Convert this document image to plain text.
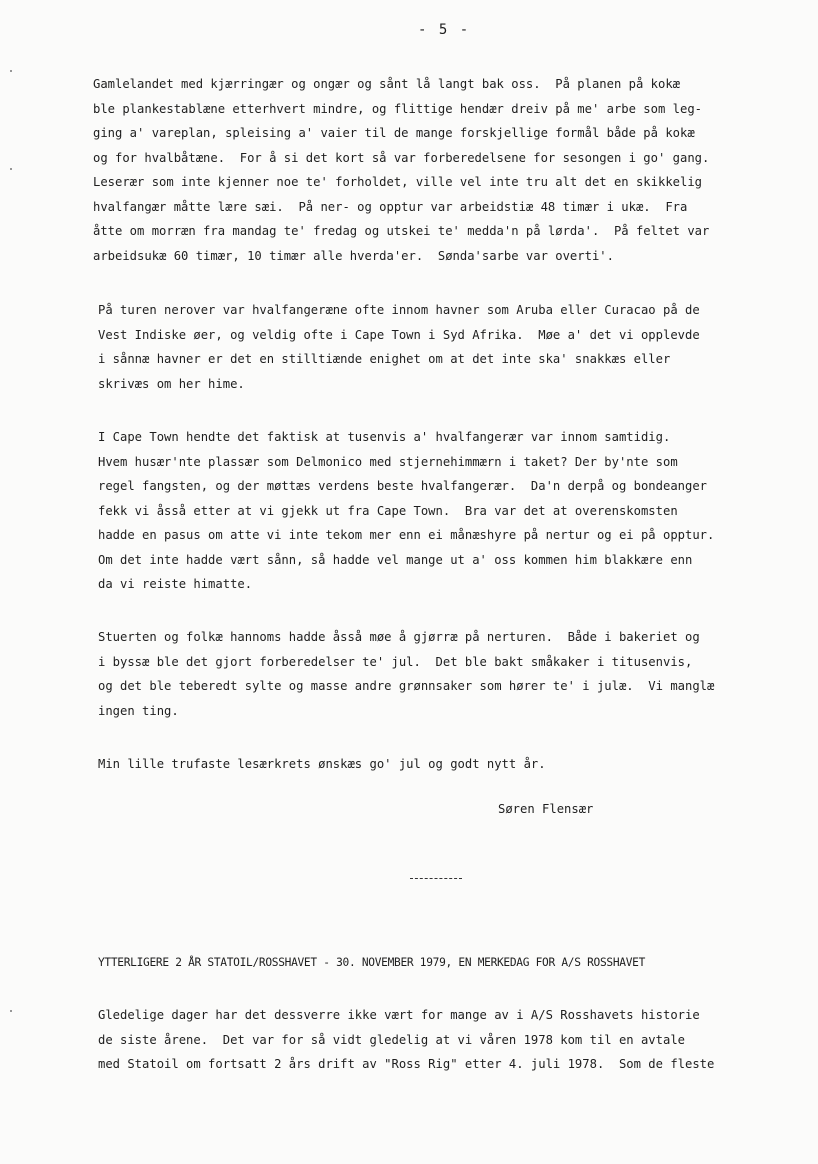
- 5 -
Gamlelandet med kjærringær og ongær og sånt lå langt bak oss.  På planen på kokæ
ble plankestablæne etterhvert mindre, og flittige hendær dreiv på me' arbe som leg-
ging a' vareplan, spleising a' vaier til de mange forskjellige formål både på kokæ
og for hvalbåtæne.  For å si det kort så var forberedelsene for sesongen i go' gang.
Leserær som inte kjenner noe te' forholdet, ville vel inte tru alt det en skikkelig
hvalfangær måtte lære sæi.  På ner- og opptur var arbeidstiæ 48 timær i ukæ.  Fra
åtte om morræn fra mandag te' fredag og utskei te' medda'n på lørda'.  På feltet var
arbeidsukæ 60 timær, 10 timær alle hverda'er.  Sønda'sarbe var overti'.
På turen nerover var hvalfangeræne ofte innom havner som Aruba eller Curacao på de
Vest Indiske øer, og veldig ofte i Cape Town i Syd Afrika.  Møe a' det vi opplevde
i sånnæ havner er det en stilltiænde enighet om at det inte ska' snakkæs eller
skrivæs om her hime.
I Cape Town hendte det faktisk at tusenvis a' hvalfangerær var innom samtidig.
Hvem husær'nte plassær som Delmonico med stjernehimmærn i taket? Der by'nte som
regel fangsten, og der møttæs verdens beste hvalfangerær.  Da'n derpå og bondeanger
fekk vi åsså etter at vi gjekk ut fra Cape Town.  Bra var det at overenskomsten
hadde en pasus om atte vi inte tekom mer enn ei månæshyre på nertur og ei på opptur.
Om det inte hadde vært sånn, så hadde vel mange ut a' oss kommen him blakkære enn
da vi reiste himatte.
Stuerten og folkæ hannoms hadde åsså møe å gjørræ på nerturen.  Både i bakeriet og
i byssæ ble det gjort forberedelser te' jul.  Det ble bakt småkaker i titusenvis,
og det ble teberedt sylte og masse andre grønnsaker som hører te' i julæ.  Vi manglæ
ingen ting.
Min lille trufaste lesærkrets ønskæs go' jul og godt nytt år.
Søren Flensær
YTTERLIGERE 2 ÅR STATOIL/ROSSHAVET - 30. NOVEMBER 1979, EN MERKEDAG FOR A/S ROSSHAVET
Gledelige dager har det dessverre ikke vært for mange av i A/S Rosshavets historie
de siste årene.  Det var for så vidt gledelig at vi våren 1978 kom til en avtale
med Statoil om fortsatt 2 års drift av "Ross Rig" etter 4. juli 1978.  Som de fleste
